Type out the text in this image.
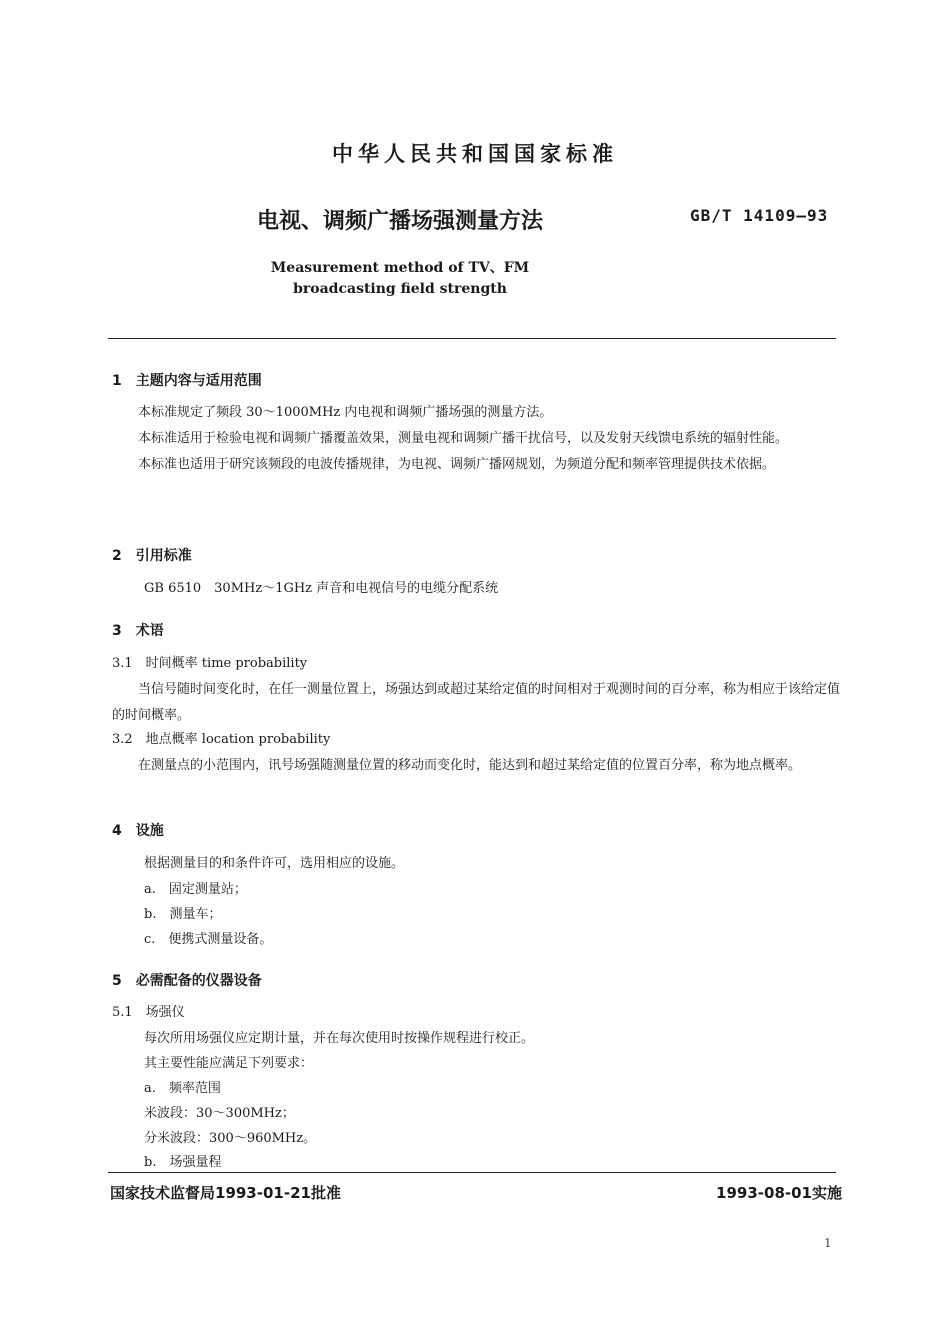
中华人民共和国国家标准
电视、调频广播场强测量方法	GB/T 14109—93
Measurement method of TV、FM
broadcasting field strength
1　主题内容与适用范围

本标准规定了频段 30～1000MHz 内电视和调频广播场强的测量方法。

本标准适用于检验电视和调频广播覆盖效果，测量电视和调频广播干扰信号，以及发射天线馈电系统的辐射性能。

本标准也适用于研究该频段的电波传播规律，为电视、调频广播网规划，为频道分配和频率管理提供技术依据。

2　引用标准
GB 6510　30MHz～1GHz 声音和电视信号的电缆分配系统
3　术语
3.1　时间概率 time probability

当信号随时间变化时，在任一测量位置上，场强达到或超过某给定值的时间相对于观测时间的百分率，称为相应于该给定值的时间概率。

3.2　地点概率 location probability

在测量点的小范围内，讯号场强随测量位置的移动而变化时，能达到和超过某给定值的位置百分率，称为地点概率。

4　设施
根据测量目的和条件许可，选用相应的设施。
a.　固定测量站；
b.　测量车；
c.　便携式测量设备。
5　必需配备的仪器设备
5.1　场强仪
每次所用场强仪应定期计量，并在每次使用时按操作规程进行校正。
其主要性能应满足下列要求：
a.　频率范围
米波段：30～300MHz；
分米波段：300～960MHz。
b.　场强量程
国家技术监督局1993-01-21批准	1993-08-01实施
1
